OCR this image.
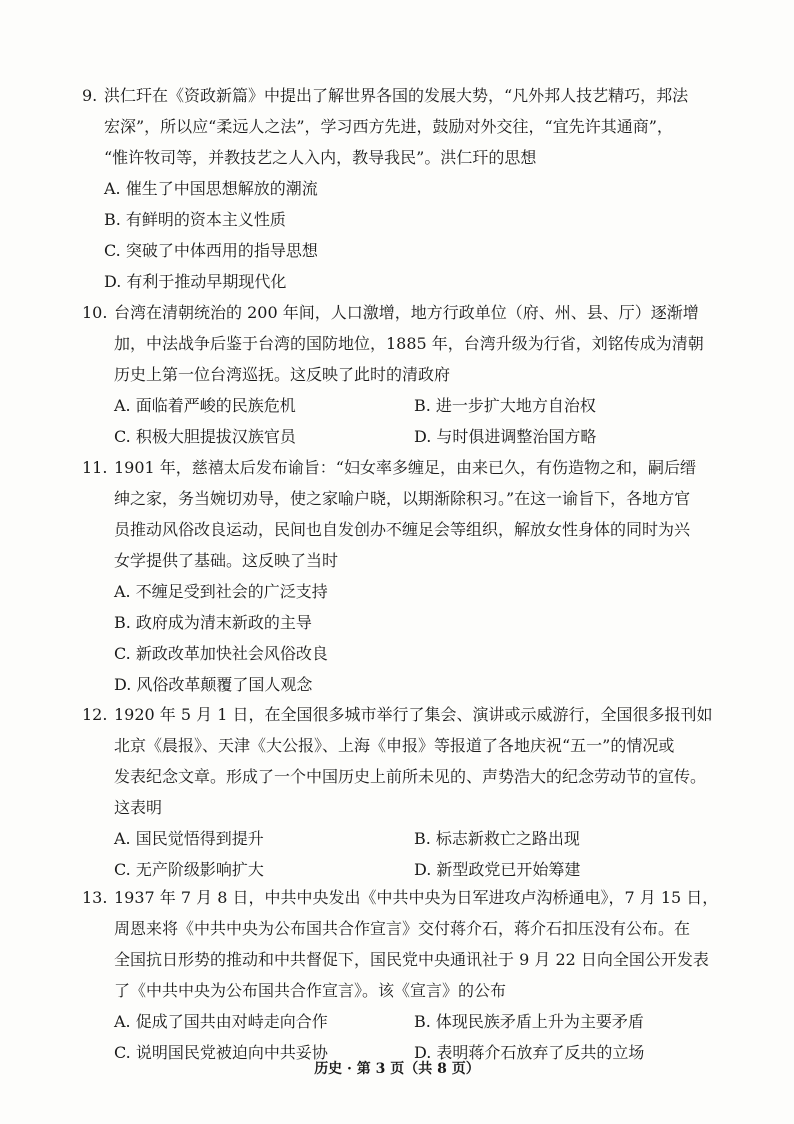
9. 洪仁玕在《资政新篇》中提出了解世界各国的发展大势，“凡外邦人技艺精巧，邦法
宏深”，所以应“柔远人之法”，学习西方先进，鼓励对外交往，“宜先许其通商”，
“惟许牧司等，并教技艺之人入内，教导我民”。洪仁玕的思想
A. 催生了中国思想解放的潮流
B. 有鲜明的资本主义性质
C. 突破了中体西用的指导思想
D. 有利于推动早期现代化
10. 台湾在清朝统治的 200 年间，人口激增，地方行政单位（府、州、县、厅）逐渐增
加，中法战争后鉴于台湾的国防地位，1885 年，台湾升级为行省，刘铭传成为清朝
历史上第一位台湾巡抚。这反映了此时的清政府
A. 面临着严峻的民族危机	B. 进一步扩大地方自治权
C. 积极大胆提拔汉族官员	D. 与时俱进调整治国方略
11. 1901 年，慈禧太后发布谕旨：“妇女率多缠足，由来已久，有伤造物之和，嗣后缙
绅之家，务当婉切劝导，使之家喻户晓，以期渐除积习。”在这一谕旨下，各地方官
员推动风俗改良运动，民间也自发创办不缠足会等组织，解放女性身体的同时为兴
女学提供了基础。这反映了当时
A. 不缠足受到社会的广泛支持
B. 政府成为清末新政的主导
C. 新政改革加快社会风俗改良
D. 风俗改革颠覆了国人观念
12. 1920 年 5 月 1 日，在全国很多城市举行了集会、演讲或示威游行，全国很多报刊如
北京《晨报》、天津《大公报》、上海《申报》等报道了各地庆祝“五一”的情况或
发表纪念文章。形成了一个中国历史上前所未见的、声势浩大的纪念劳动节的宣传。
这表明
A. 国民觉悟得到提升	B. 标志新救亡之路出现
C. 无产阶级影响扩大	D. 新型政党已开始筹建
13. 1937 年 7 月 8 日，中共中央发出《中共中央为日军进攻卢沟桥通电》，7 月 15 日，
周恩来将《中共中央为公布国共合作宣言》交付蒋介石，蒋介石扣压没有公布。在
全国抗日形势的推动和中共督促下，国民党中央通讯社于 9 月 22 日向全国公开发表
了《中共中央为公布国共合作宣言》。该《宣言》的公布
A. 促成了国共由对峙走向合作	B. 体现民族矛盾上升为主要矛盾
C. 说明国民党被迫向中共妥协	D. 表明蒋介石放弃了反共的立场
历史 · 第 3 页（共 8 页）
